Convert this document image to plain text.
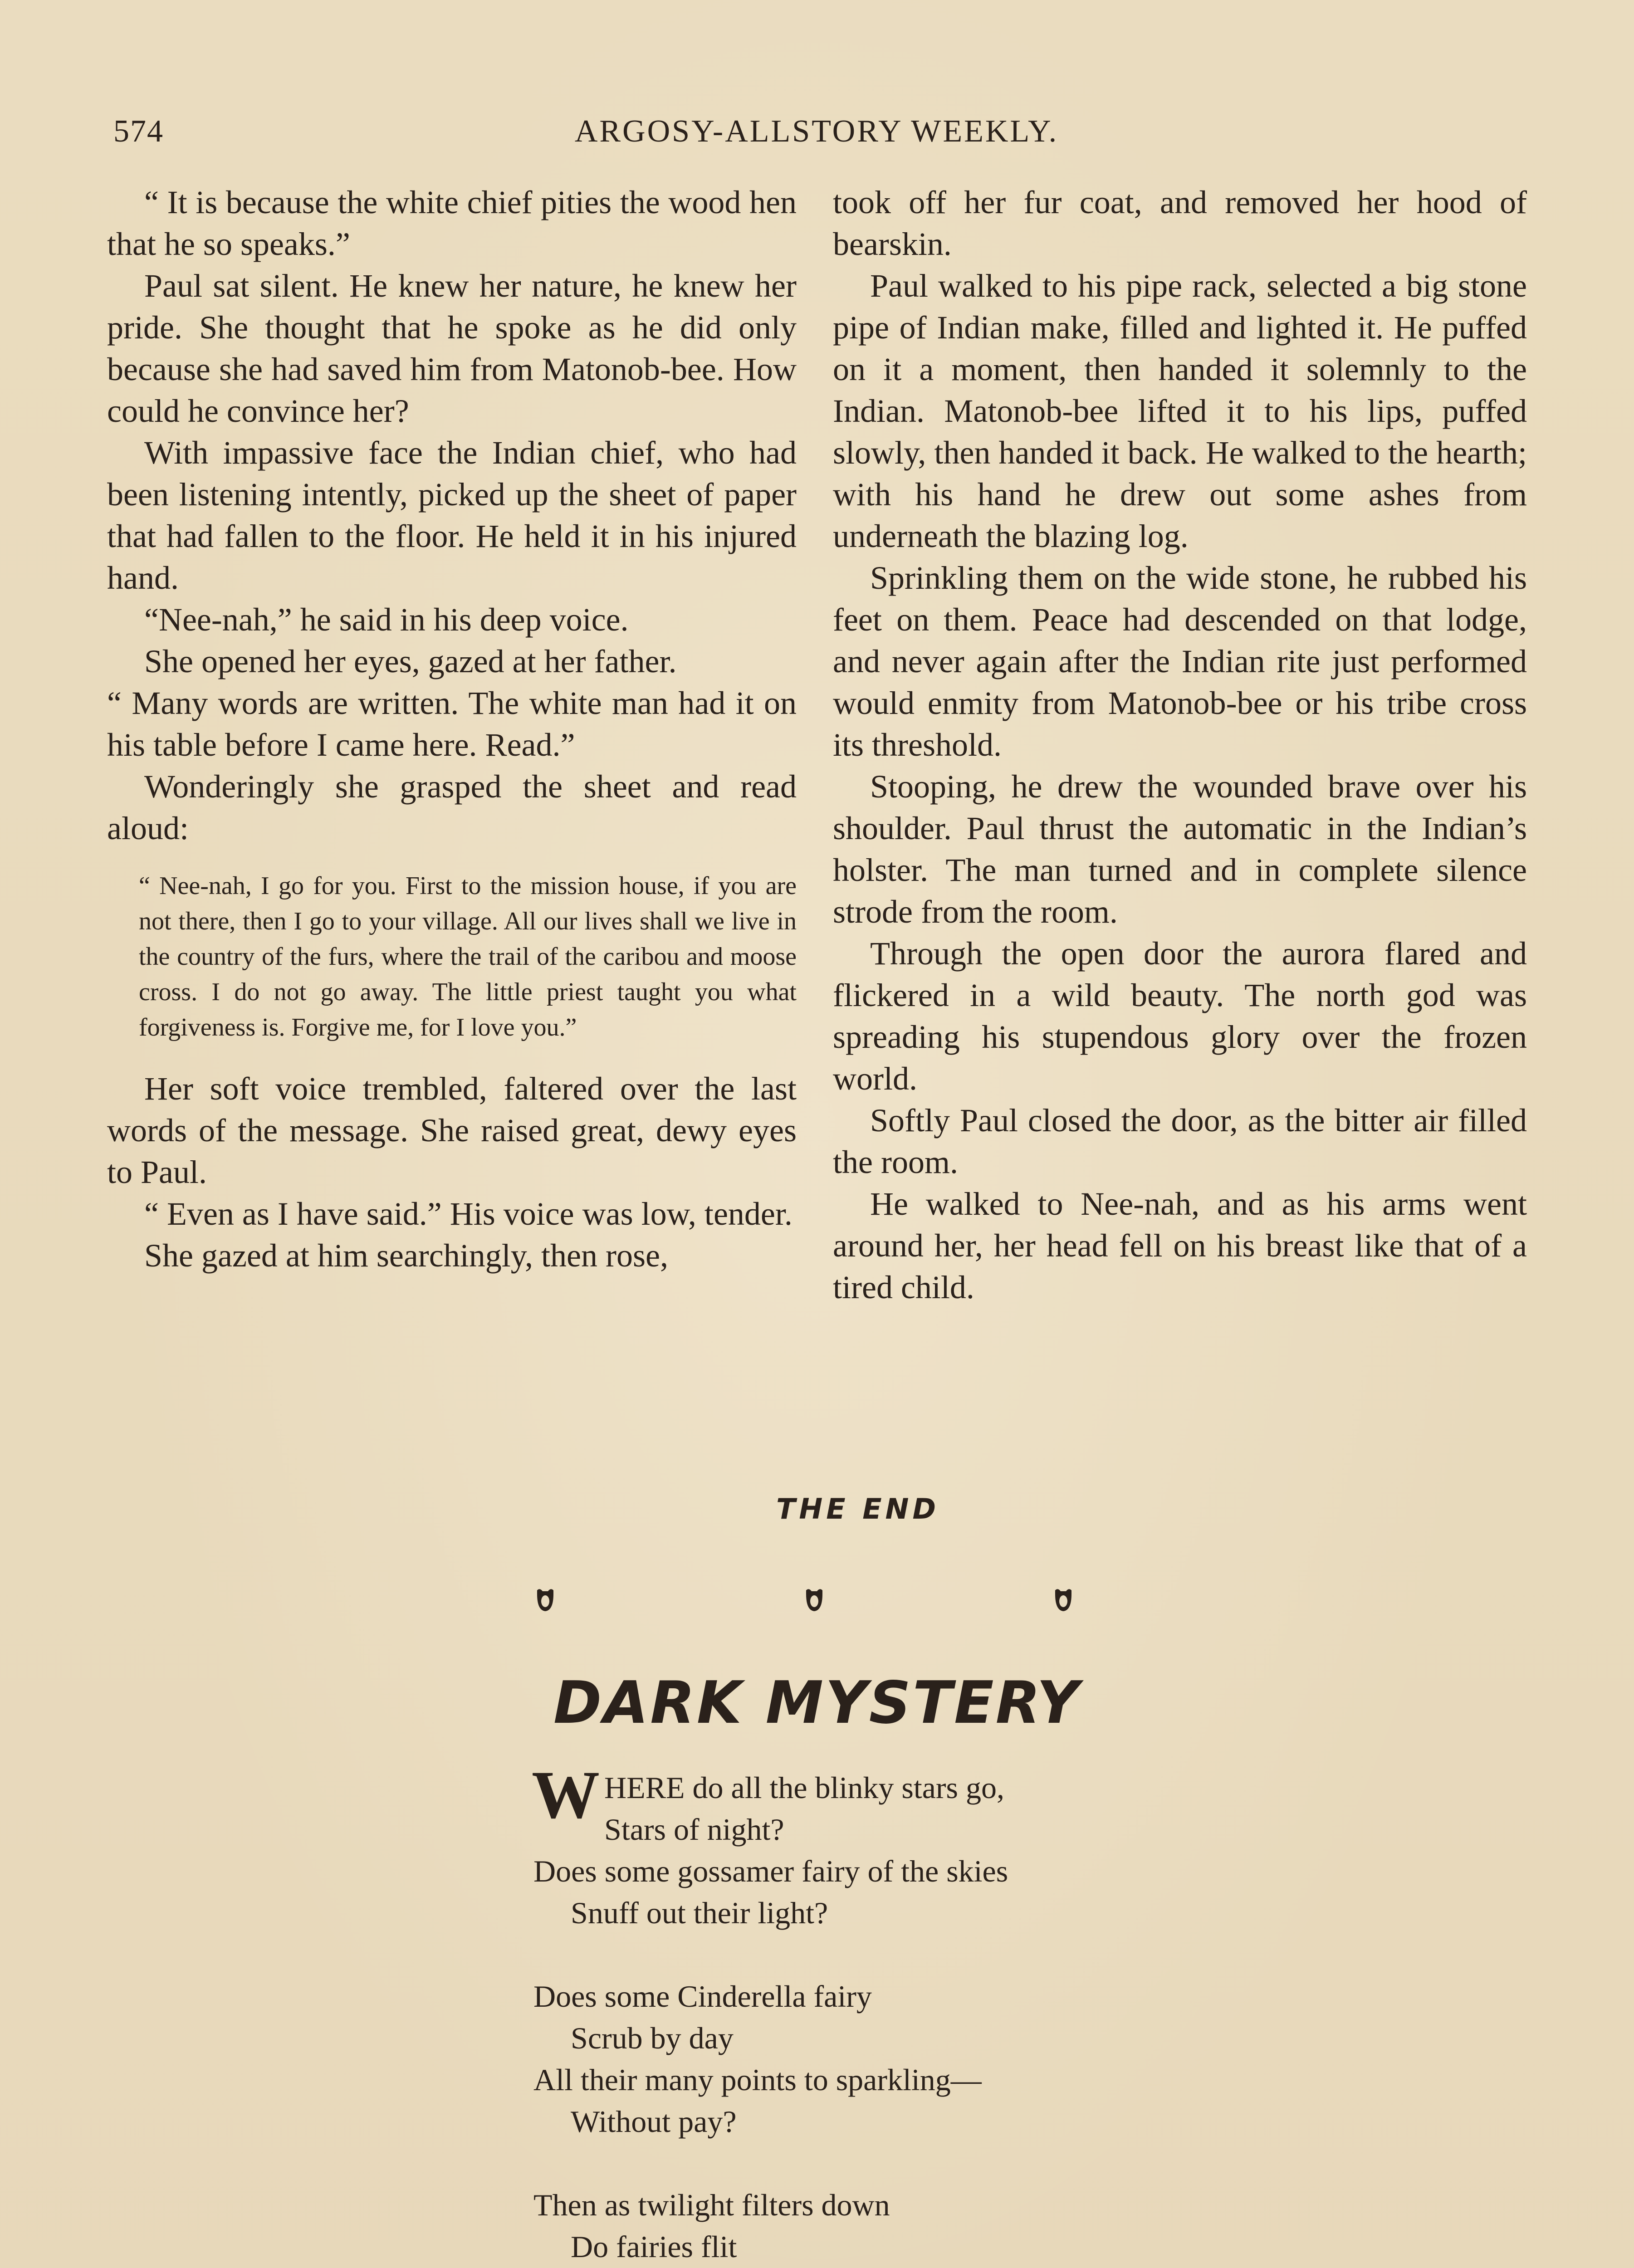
574	ARGOSY-ALLSTORY WEEKLY.

“ It is because the white chief pities the wood hen that he so speaks.”

Paul sat silent. He knew her nature, he knew her pride. She thought that he spoke as he did only because she had saved him from Matonob-bee. How could he convince her?

With impassive face the Indian chief, who had been listening intently, picked up the sheet of paper that had fallen to the floor. He held it in his injured hand.

“Nee-nah,” he said in his deep voice.

She opened her eyes, gazed at her father.

“ Many words are written. The white man had it on his table before I came here. Read.”

Wonderingly she grasped the sheet and read aloud:

“ Nee-nah, I go for you. First to the mission house, if you are not there, then I go to your village. All our lives shall we live in the country of the furs, where the trail of the caribou and moose cross. I do not go away. The little priest taught you what forgiveness is. Forgive me, for I love you.”

Her soft voice trembled, faltered over the last words of the message. She raised great, dewy eyes to Paul.

“ Even as I have said.” His voice was low, tender.

She gazed at him searchingly, then rose,

took off her fur coat, and removed her hood of bearskin.

Paul walked to his pipe rack, selected a big stone pipe of Indian make, filled and lighted it. He puffed on it a moment, then handed it solemnly to the Indian. Matonob-bee lifted it to his lips, puffed slowly, then handed it back. He walked to the hearth; with his hand he drew out some ashes from underneath the blazing log.

Sprinkling them on the wide stone, he rubbed his feet on them. Peace had descended on that lodge, and never again after the Indian rite just performed would enmity from Matonob-bee or his tribe cross its threshold.

Stooping, he drew the wounded brave over his shoulder. Paul thrust the automatic in the Indian’s holster. The man turned and in complete silence strode from the room.

Through the open door the aurora flared and flickered in a wild beauty. The north god was spreading his stupendous glory over the frozen world.

Softly Paul closed the door, as the bitter air filled the room.

He walked to Nee-nah, and as his arms went around her, her head fell on his breast like that of a tired child.

THE END
DARK MYSTERY
W HERE do all the blinky stars go,
Stars of night?
Does some gossamer fairy of the skies
Snuff out their light?
Does some Cinderella fairy
Scrub by day
All their many points to sparkling—
Without pay?
Then as twilight filters down
Do fairies flit
